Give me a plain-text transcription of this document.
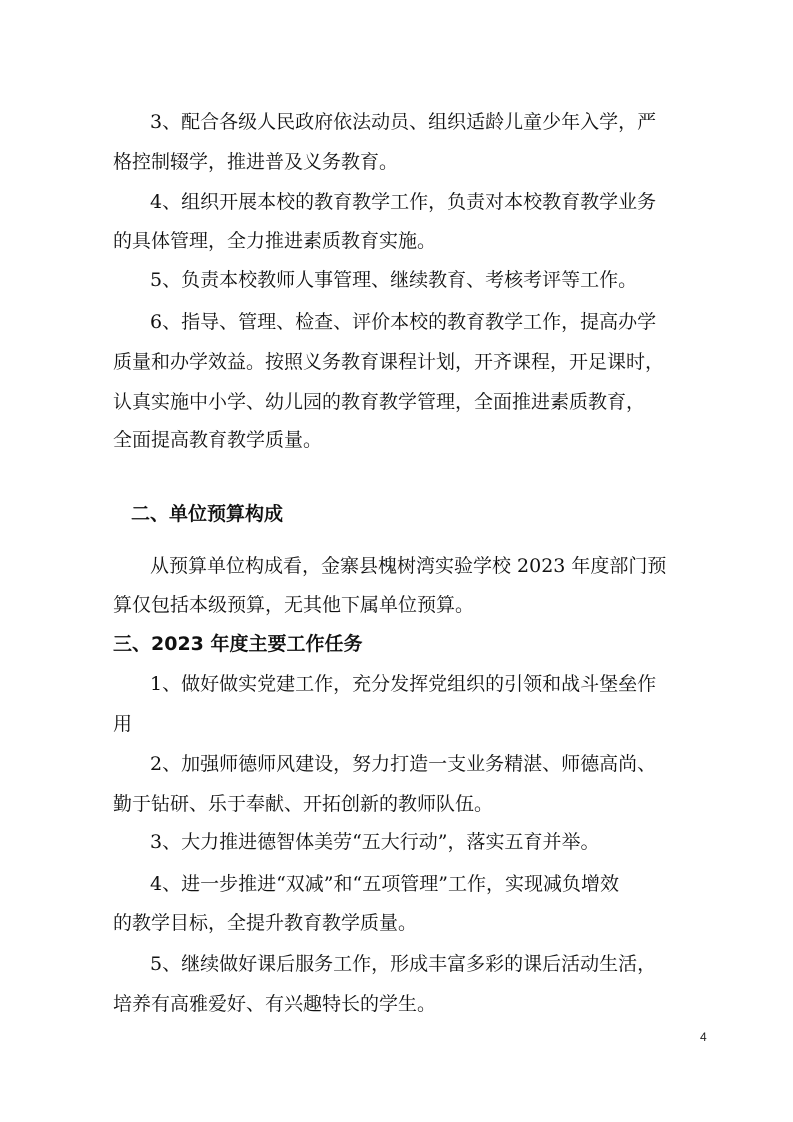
3、配合各级人民政府依法动员、组织适龄儿童少年入学，严
格控制辍学，推进普及义务教育。
4、组织开展本校的教育教学工作，负责对本校教育教学业务
的具体管理，全力推进素质教育实施。
5、负责本校教师人事管理、继续教育、考核考评等工作。
6、指导、管理、检查、评价本校的教育教学工作，提高办学
质量和办学效益。按照义务教育课程计划，开齐课程，开足课时，
认真实施中小学、幼儿园的教育教学管理，全面推进素质教育，
全面提高教育教学质量。
二、单位预算构成
从预算单位构成看，金寨县槐树湾实验学校 2023 年度部门预
算仅包括本级预算，无其他下属单位预算。
三、2023 年度主要工作任务
1、做好做实党建工作，充分发挥党组织的引领和战斗堡垒作
用
2、加强师德师风建设，努力打造一支业务精湛、师德高尚、
勤于钻研、乐于奉献、开拓创新的教师队伍。
3、大力推进德智体美劳“五大行动”，落实五育并举。
4、进一步推进“双减”和“五项管理”工作，实现减负增效
的教学目标，全提升教育教学质量。
5、继续做好课后服务工作，形成丰富多彩的课后活动生活，
培养有高雅爱好、有兴趣特长的学生。
4
